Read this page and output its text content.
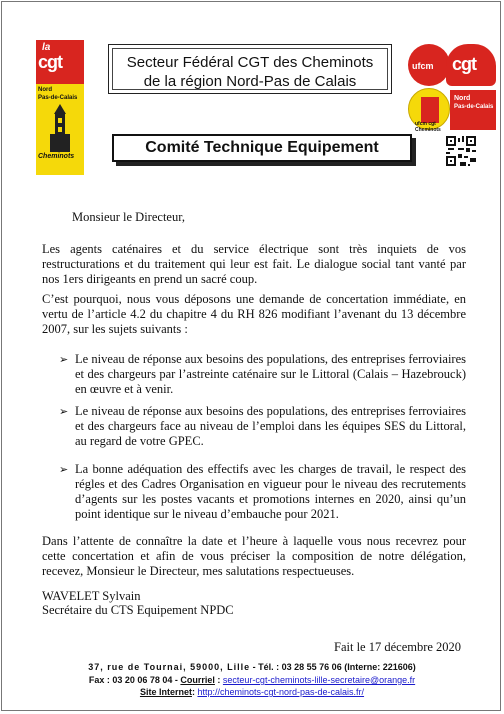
la
cgt
Nord
Pas-de-Calais
Cheminots
Secteur Fédéral CGT des Cheminots
de la région Nord-Pas de Calais
Comité Technique Equipement
ufcm cgt
ufcm cgt Cheminots
Nord
Pas-de-Calais
Monsieur le Directeur,
Les agents caténaires et du service électrique sont très inquiets de vos restructurations et du traitement qui leur est fait. Le dialogue social tant vanté par nos 1ers dirigeants en prend un sacré coup.
C’est pourquoi, nous vous déposons une demande de concertation immédiate, en vertu de l’article 4.2 du chapitre 4 du RH 826 modifiant l’avenant du 13 décembre 2007, sur les sujets suivants :
➢ Le niveau de réponse aux besoins des populations, des entreprises ferroviaires et des chargeurs par l’astreinte caténaire sur le Littoral (Calais – Hazebrouck) en œuvre et à venir.
➢ Le niveau de réponse aux besoins des populations, des entreprises ferroviaires et des chargeurs face au niveau de l’emploi dans les équipes SES du Littoral, au regard de votre GPEC.
➢ La bonne adéquation des effectifs avec les charges de travail, le respect des régles et des Cadres Organisation en vigueur pour le niveau des recrutements d’agents sur les postes vacants et promotions internes en 2020, ainsi qu’un point identique sur le niveau d’embauche pour 2021.
Dans l’attente de connaître la date et l’heure à laquelle vous nous recevrez pour cette concertation et afin de vous préciser la composition de notre délégation, recevez, Monsieur le Directeur, mes salutations respectueuses.
WAVELET Sylvain
Secrétaire du CTS Equipement NPDC
Fait le 17 décembre 2020
37, rue de Tournai, 59000, Lille - Tél. : 03 28 55 76 06 (Interne: 221606)
Fax : 03 20 06 78 04 - Courriel : secteur-cgt-cheminots-lille-secretaire@orange.fr
Site Internet: http://cheminots-cgt-nord-pas-de-calais.fr/
